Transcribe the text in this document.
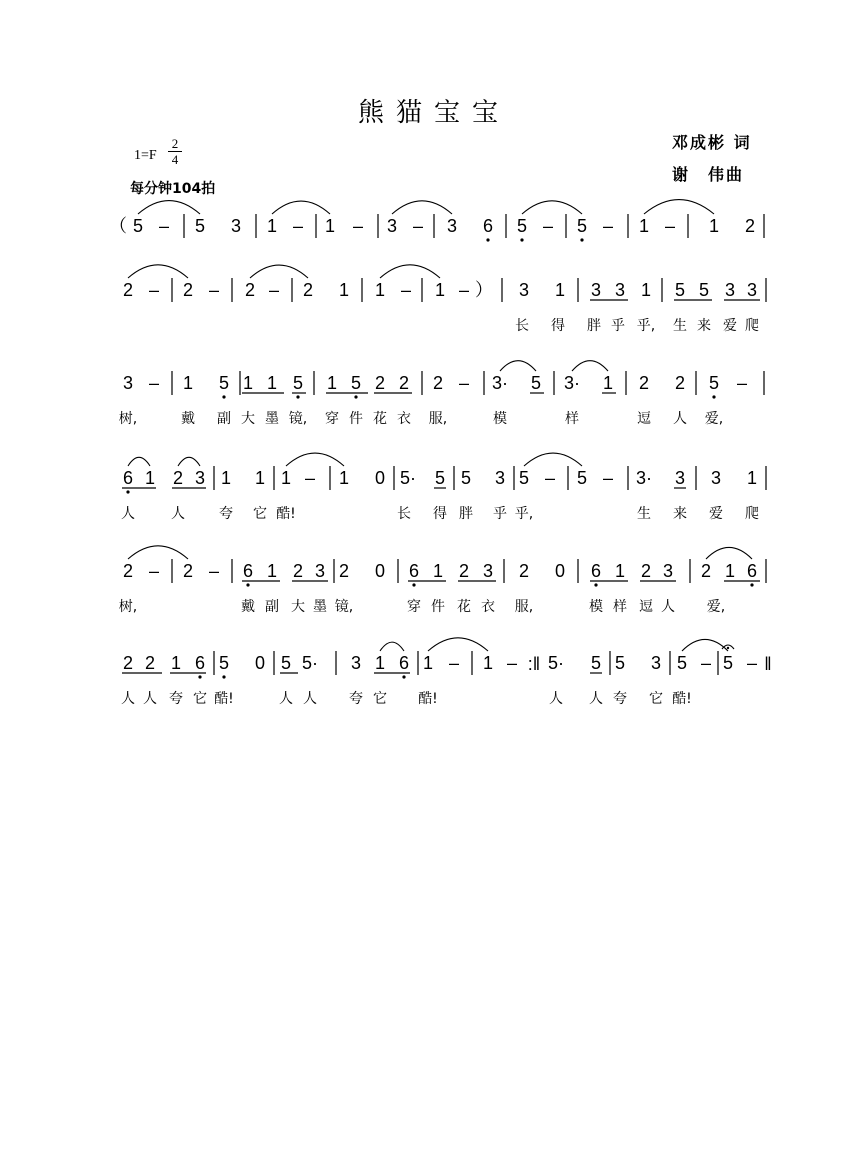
熊猫宝宝
邓成彬 词
谢　伟曲
1=F
2
4
每分钟104拍
（ 5 – 5 3 1 – 1 – 3 – 3 6 5 – 5 – 1 – 1 2
2 – 2 – 2 – 2 1 1 – 1 – ） 3 1 3 3 1 5 5 3 3
长 得 胖 乎 乎, 生 来 爱 爬
3 – 1 5 1 1 5 1 5 2 2 2 – 3· 5 3· 1 2 2 5 –
树,	戴 副 大 墨 镜, 穿 件 花 衣 服,	模	样	逗 人 爱,
6 1 2 3 1 1 1 – 1 0 5· 5 5 3 5 – 5 – 3· 3 3 1
人	人 夸 它 酷!	长 得 胖 乎 乎,	生 来 爱 爬
2 – 2 – 6 1 2 3 2 0 6 1 2 3 2 0 6 1 2 3 2 1 6
树,	戴 副 大 墨 镜,	穿 件 花 衣 服,	模 样 逗 人 爱,
2 2 1 6 5 0 5 5· 3 1 6 1 – 1 – :‖ 5· 5 5 3 5 – 5 – ‖
人 人 夸 它 酷!	人 人 夸 它 酷!	人 人 夸 它 酷!
